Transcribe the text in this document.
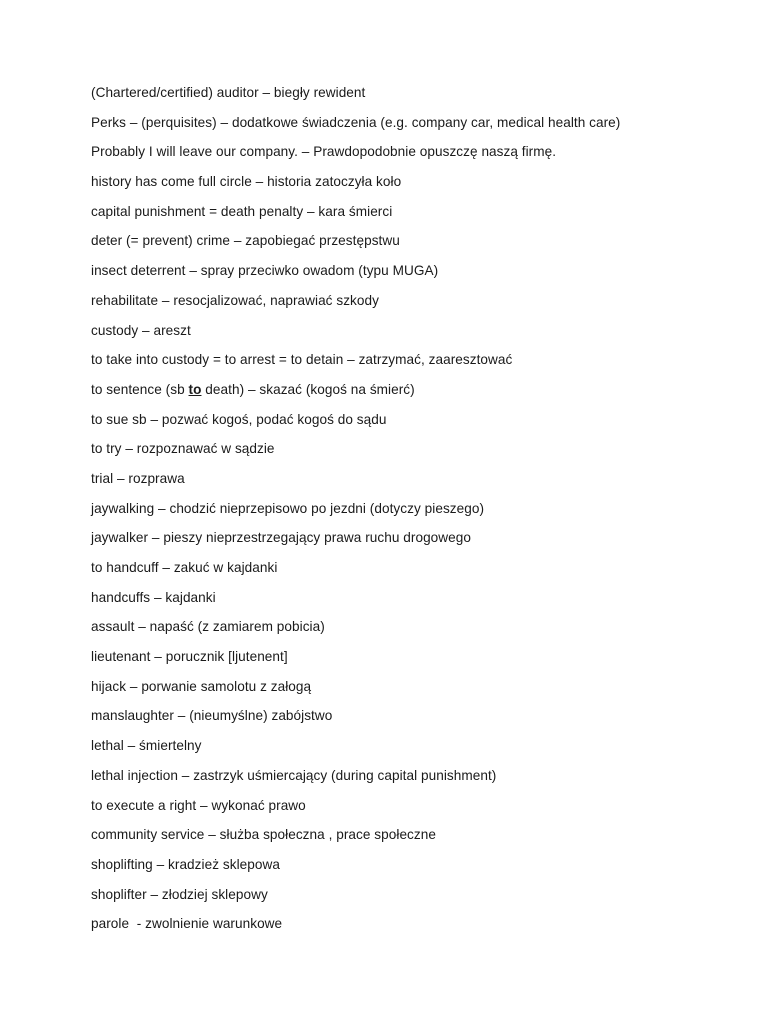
(Chartered/certified) auditor – biegły rewident
Perks – (perquisites) – dodatkowe świadczenia (e.g. company car, medical health care)
Probably I will leave our company. – Prawdopodobnie opuszczę naszą firmę.
history has come full circle – historia zatoczyła koło
capital punishment = death penalty – kara śmierci
deter (= prevent) crime – zapobiegać przestępstwu
insect deterrent – spray przeciwko owadom (typu MUGA)
rehabilitate – resocjalizować, naprawiać szkody
custody – areszt
to take into custody = to arrest = to detain – zatrzymać, zaaresztować
to sentence (sb to death) – skazać (kogoś na śmierć)
to sue sb – pozwać kogoś, podać kogoś do sądu
to try – rozpoznawać w sądzie
trial – rozprawa
jaywalking – chodzić nieprzepisowo po jezdni (dotyczy pieszego)
jaywalker – pieszy nieprzestrzegający prawa ruchu drogowego
to handcuff – zakuć w kajdanki
handcuffs – kajdanki
assault – napaść (z zamiarem pobicia)
lieutenant – porucznik [ljutenent]
hijack – porwanie samolotu z załogą
manslaughter – (nieumyślne) zabójstwo
lethal – śmiertelny
lethal injection – zastrzyk uśmiercający (during capital punishment)
to execute a right – wykonać prawo
community service – służba społeczna , prace społeczne
shoplifting – kradzież sklepowa
shoplifter – złodziej sklepowy
parole  - zwolnienie warunkowe
